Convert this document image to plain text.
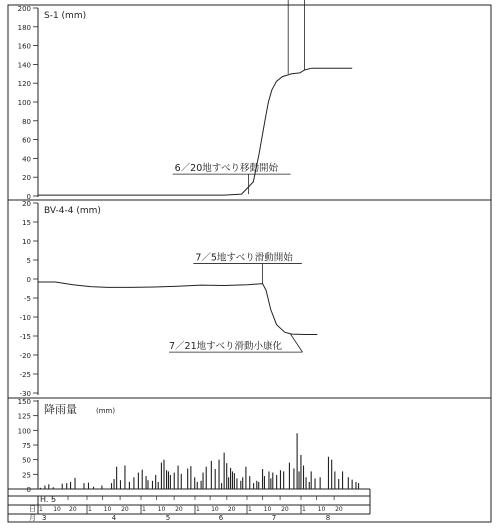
S-1 (mm)
0
20
40
60
80
100
120
140
160
180
200
6／20地すべり移動開始
BV-4-4 (mm)
20
15
10
5
0
-5
-10
-15
-20
-25
-30
7／5地すべり滑動開始
7／21地すべり滑動小康化
降雨量	(mm)
0
25
50
75
100
125
150
H. 5
日
月
1 10 20 1 10 20 1 10 20 1 10 20 1 10 20 1 10 20
3	4	5	6	7	8
